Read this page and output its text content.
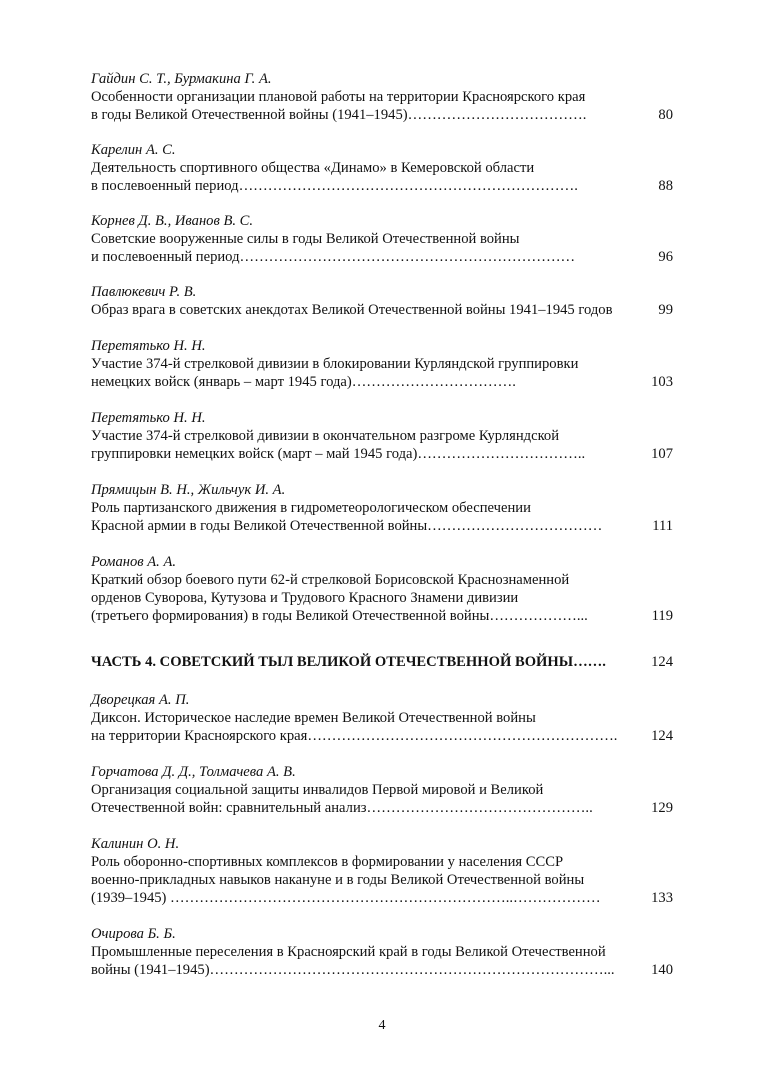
Гайдин С. Т., Бурмакина Г. А.
Особенности организации плановой работы на территории Красноярского края
в годы Великой Отечественной войны (1941–1945)……………………………….	80
Карелин А. С.
Деятельность спортивного общества «Динамо» в Кемеровской области
в послевоенный период…………………………………………………………….	88
Корнев Д. В., Иванов В. С.
Советские вооруженные силы в годы Великой Отечественной войны
и послевоенный период……………………………………………………………	96
Павлюкевич Р. В.
Образ врага в советских анекдотах Великой Отечественной войны 1941–1945 годов	99
Перетятько Н. Н.
Участие 374-й стрелковой дивизии в блокировании Курляндской группировки
немецких войск (январь – март 1945 года)…………………………….	103
Перетятько Н. Н.
Участие 374-й стрелковой дивизии в окончательном разгроме Курляндской
группировки немецких войск (март – май 1945 года)……………………………..	107
Прямицын В. Н., Жильчук И. А.
Роль партизанского движения в гидрометеорологическом обеспечении
Красной армии в годы Великой Отечественной войны………………………………	111
Романов А. А.
Краткий обзор боевого пути 62-й стрелковой Борисовской Краснознаменной
орденов Суворова, Кутузова и Трудового Красного Знамени дивизии
(третьего формирования) в годы Великой Отечественной войны………………...	119
ЧАСТЬ 4. СОВЕТСКИЙ ТЫЛ ВЕЛИКОЙ ОТЕЧЕСТВЕННОЙ ВОЙНЫ…….	124
Дворецкая А. П.
Диксон. Историческое наследие времен Великой Отечественной войны
на территории Красноярского края……………………………………………………….	124
Горчатова Д. Д., Толмачева А. В.
Организация социальной защиты инвалидов Первой мировой и Великой
Отечественной войн: сравнительный анализ………………………………………..	129
Калинин О. Н.
Роль оборонно-спортивных комплексов в формировании у населения СССР
военно-прикладных навыков накануне и в годы Великой Отечественной войны
(1939–1945) ……………………………………………………………..………………	133
Очирова Б. Б.
Промышленные переселения в Красноярский край в годы Великой Отечественной
войны (1941–1945)………………………………………………………………………...	140
4
